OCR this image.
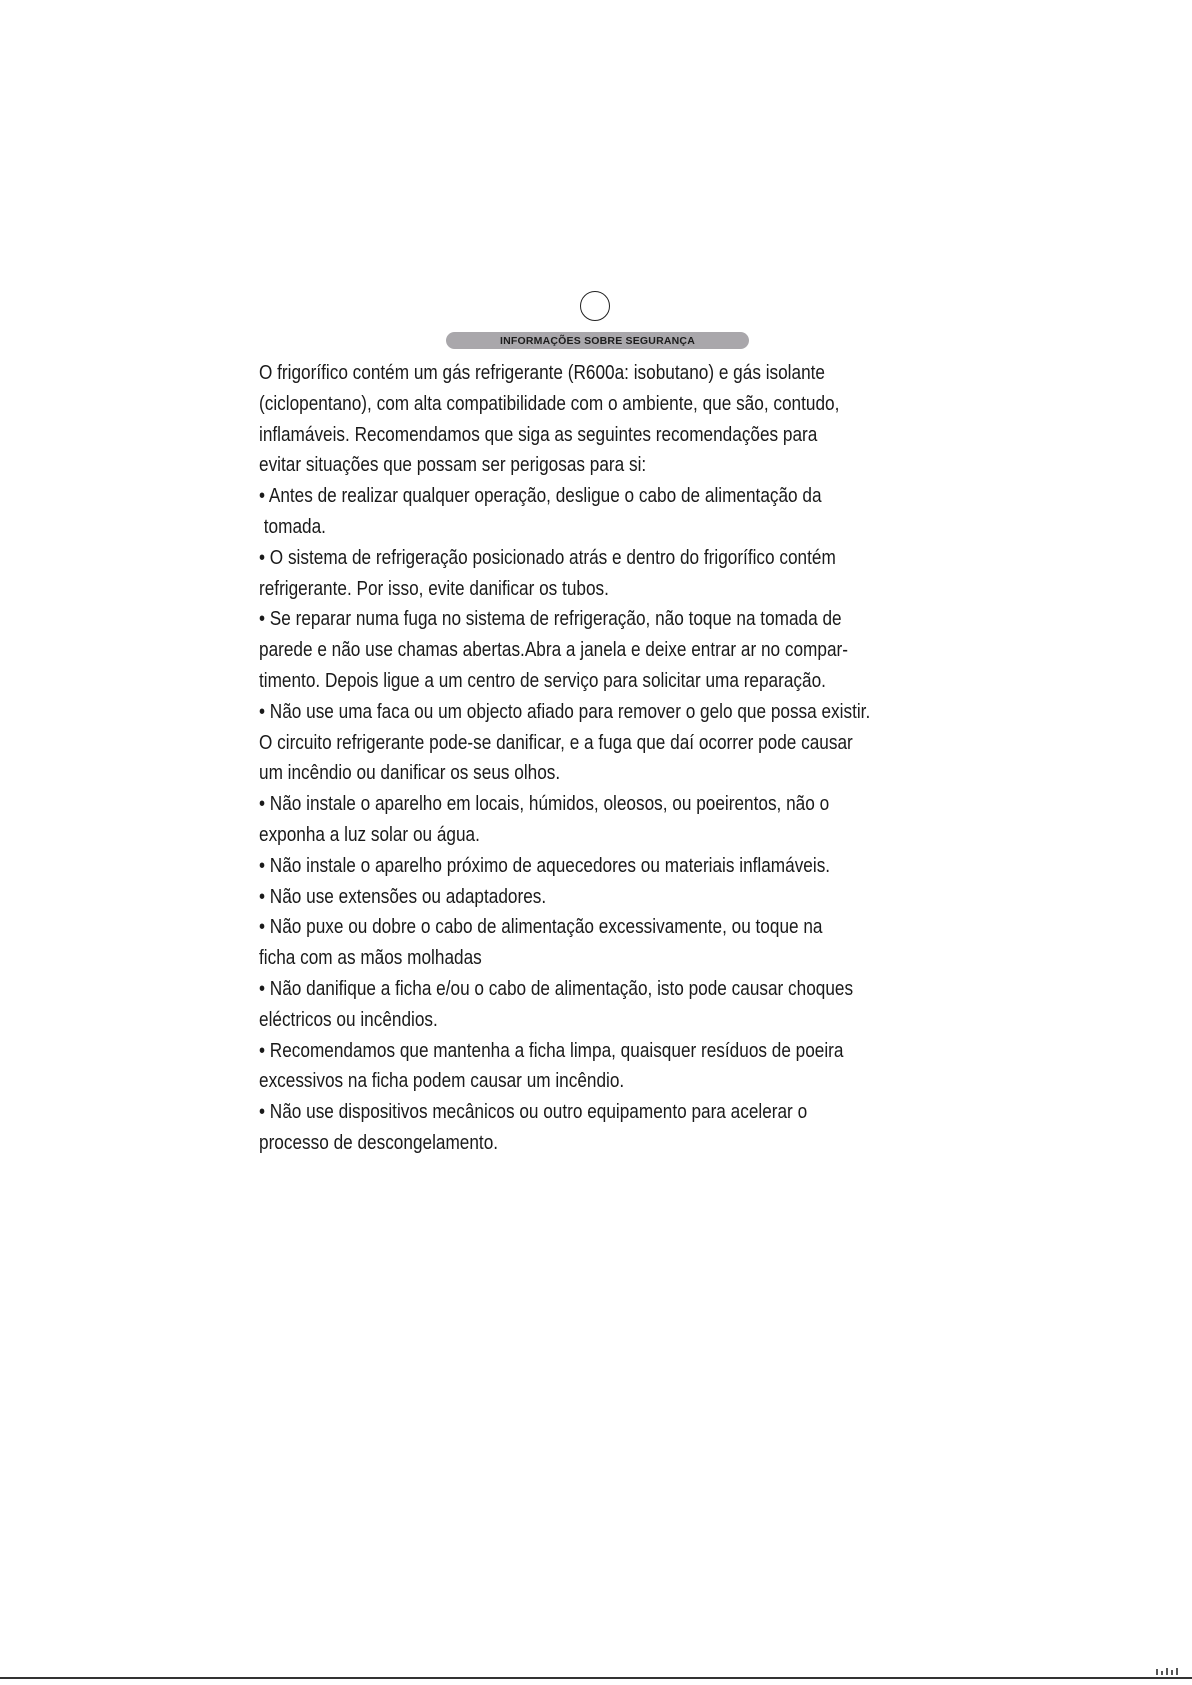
INFORMAÇÕES SOBRE SEGURANÇA
O frigorífico contém um gás refrigerante (R600a: isobutano) e gás isolante
(ciclopentano), com alta compatibilidade com o ambiente, que são, contudo,
inflamáveis. Recomendamos que siga as seguintes recomendações para
evitar situações que possam ser perigosas para si:
• Antes de realizar qualquer operação, desligue o cabo de alimentação da
tomada.
• O sistema de refrigeração posicionado atrás e dentro do frigorífico contém
refrigerante. Por isso, evite danificar os tubos.
• Se reparar numa fuga no sistema de refrigeração, não toque na tomada de
parede e não use chamas abertas.Abra a janela e deixe entrar ar no compar-
timento. Depois ligue a um centro de serviço para solicitar uma reparação.
• Não use uma faca ou um objecto afiado para remover o gelo que possa existir.
O circuito refrigerante pode-se danificar, e a fuga que daí ocorrer pode causar
um incêndio ou danificar os seus olhos.
• Não instale o aparelho em locais, húmidos, oleosos, ou poeirentos, não o
exponha a luz solar ou água.
• Não instale o aparelho próximo de aquecedores ou materiais inflamáveis.
• Não use extensões ou adaptadores.
• Não puxe ou dobre o cabo de alimentação excessivamente, ou toque na
ficha com as mãos molhadas
• Não danifique a ficha e/ou o cabo de alimentação, isto pode causar choques
eléctricos ou incêndios.
• Recomendamos que mantenha a ficha limpa, quaisquer resíduos de poeira
excessivos na ficha podem causar um incêndio.
• Não use dispositivos mecânicos ou outro equipamento para acelerar o
processo de descongelamento.
